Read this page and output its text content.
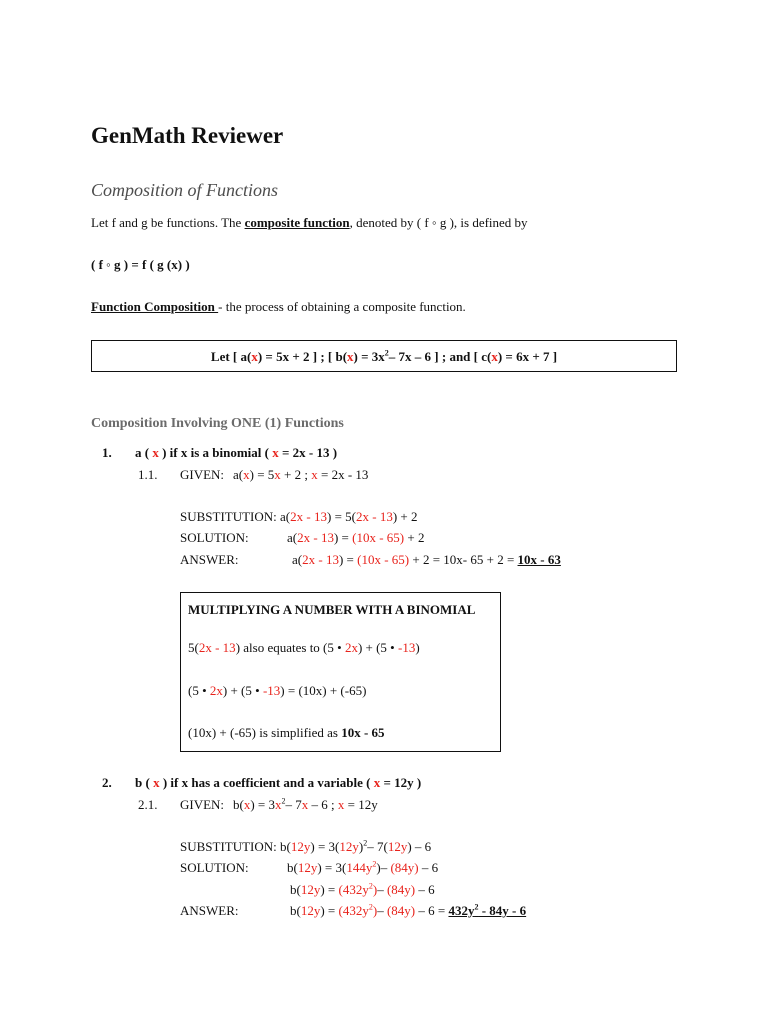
GenMath Reviewer
Composition of Functions
Let f and g be functions. The composite function, denoted by ( f ◦ g ), is defined by
( f ◦ g ) = f ( g (x) )
Function Composition - the process of obtaining a composite function.
Let [ a(x) = 5x + 2 ] ; [ $b(x) = 3x^2-$ 7x – 6 ] ; and [ c(x) = 6x + 7 ]
Composition Involving ONE (1) Functions
1. a ( x ) if x is a binomial ( x = 2x - 13 )
1.1. GIVEN: a(x) = 5x + 2 ; x = 2x - 13
SUBSTITUTION: a(2x - 13) = 5(2x - 13) + 2
SOLUTION:	a(2x - 13) = (10x - 65) + 2
ANSWER:	a(2x - 13) = (10x - 65) + 2 = 10x- 65 + 2 = 10x - 63
MULTIPLYING A NUMBER WITH A BINOMIAL
5(2x - 13) also equates to (5 • 2x) + (5 • -13)
(5 • 2x) + (5 • -13) = (10x) + (-65)
(10x) + (-65) is simplified as 10x - 65
2. b ( x ) if x has a coefficient and a variable ( x = 12y )
2.1. GIVEN: $b(x) = 3x^2-$ 7x – 6 ; x = 12y
SUBSTITUTION: $b(12y) = 3(12y)^2-$ 7(12y) – 6
SOLUTION:	$b(12y) = 3(144y^2)-$ (84y) – 6
$b(12y) = (432y^2)-$ (84y) – 6
ANSWER:	$b(12y) = (432y^2)-$ $(84y) - 6 = 432y^2 - 84y - 6$
